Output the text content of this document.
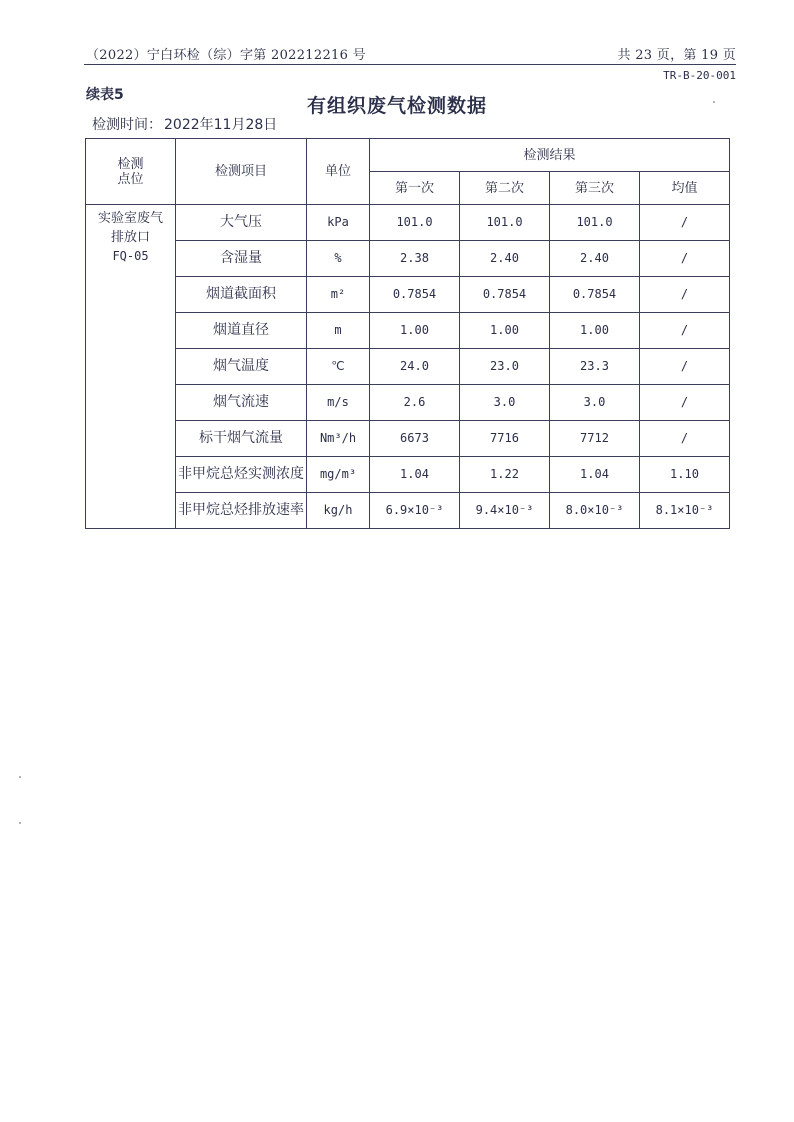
（2022）宁白环检（综）字第 202212216 号	共 23 页，第 19 页
TR-B-20-001
续表5	有组织废气检测数据
检测时间： 2022年11月28日
检测
点位	检测项目	单位	检测结果			
			第一次	第二次	第三次	均值

实验室废气
排放口
FQ-05	大气压	kPa	101.0	101.0	101.0	/
	含湿量	%	2.38	2.40	2.40	/
	烟道截面积	m²	0.7854	0.7854	0.7854	/
	烟道直径	m	1.00	1.00	1.00	/
	烟气温度	℃	24.0	23.0	23.3	/
	烟气流速	m/s	2.6	3.0	3.0	/
	标干烟气流量	Nm³/h	6673	7716	7712	/
	非甲烷总烃实测浓度	mg/m³	1.04	1.22	1.04	1.10
	非甲烷总烃排放速率	kg/h	6.9×10⁻³	9.4×10⁻³	8.0×10⁻³	8.1×10⁻³
